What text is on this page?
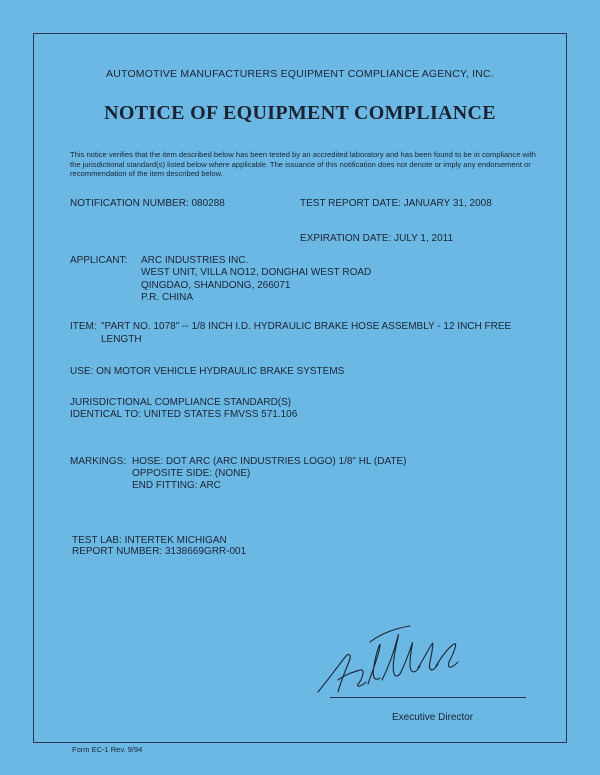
AUTOMOTIVE MANUFACTURERS EQUIPMENT COMPLIANCE AGENCY, INC.
NOTICE OF EQUIPMENT COMPLIANCE
This notice verifies that the item described below has been tested by an accredited laboratory and has been found to be in compliance with the jurisdictional standard(s) listed below where applicable. The issuance of this notification does not denote or imply any endorsement or recommendation of the item described below.
NOTIFICATION NUMBER: 080288	TEST REPORT DATE: JANUARY 31, 2008
EXPIRATION DATE: JULY 1, 2011
APPLICANT: ARC INDUSTRIES INC.
WEST UNIT, VILLA NO12, DONGHAI WEST ROAD
QINGDAO, SHANDONG, 266071
P.R. CHINA
ITEM: "PART NO. 1078" -- 1/8 INCH I.D. HYDRAULIC BRAKE HOSE ASSEMBLY - 12 INCH FREE
LENGTH
USE: ON MOTOR VEHICLE HYDRAULIC BRAKE SYSTEMS
JURISDICTIONAL COMPLIANCE STANDARD(S)
IDENTICAL TO: UNITED STATES FMVSS 571.106
MARKINGS: HOSE: DOT ARC (ARC INDUSTRIES LOGO) 1/8" HL (DATE)
OPPOSITE SIDE: (NONE)
END FITTING: ARC
TEST LAB: INTERTEK MICHIGAN
REPORT NUMBER: 3138669GRR-001
Executive Director
Form EC-1 Rev. 9/94
